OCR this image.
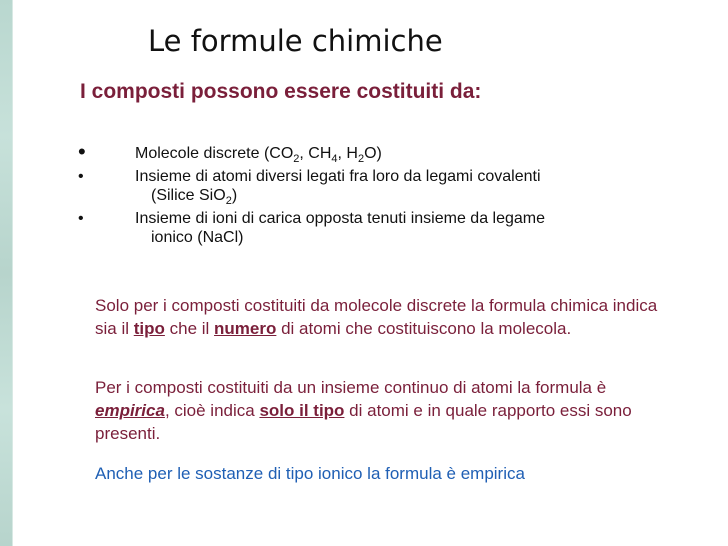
Le formule chimiche
I composti possono essere costituiti da:
•	Molecole discrete ($CO_2$, $CH_4$, $H_2O$)
•	Insieme di atomi diversi legati fra loro da legami covalenti
(Silice SiO$_2$)
•	Insieme di ioni di carica opposta tenuti insieme da legame
ionico (NaCl)
Solo per i composti costituiti da molecole discrete la formula chimica indica sia il tipo che il numero di atomi che costituiscono la molecola.
Per i composti costituiti da un insieme continuo di atomi la formula è empirica, cioè indica solo il tipo di atomi e in quale rapporto essi sono presenti.
Anche per le sostanze di tipo ionico la formula è empirica
